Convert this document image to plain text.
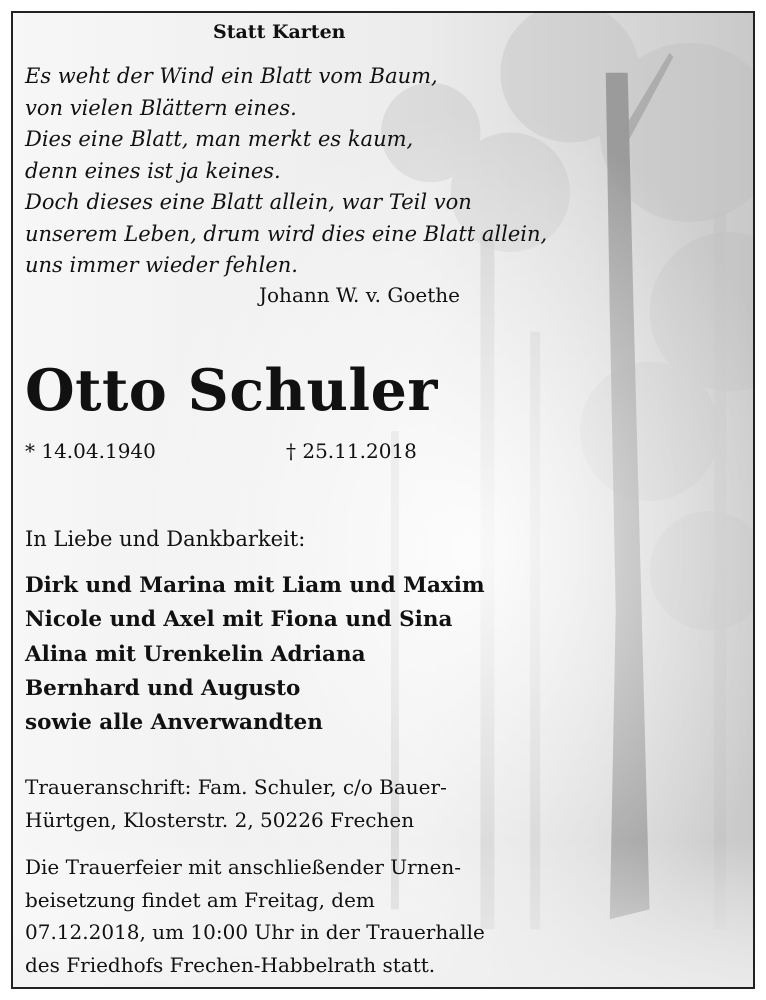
Statt Karten
Es weht der Wind ein Blatt vom Baum,
von vielen Blättern eines.
Dies eine Blatt, man merkt es kaum,
denn eines ist ja keines.
Doch dieses eine Blatt allein, war Teil von
unserem Leben, drum wird dies eine Blatt allein,
uns immer wieder fehlen.
Johann W. v. Goethe
Otto Schuler
* 14.04.1940	† 25.11.2018
In Liebe und Dankbarkeit:
Dirk und Marina mit Liam und Maxim
Nicole und Axel mit Fiona und Sina
Alina mit Urenkelin Adriana
Bernhard und Augusto
sowie alle Anverwandten
Traueranschrift: Fam. Schuler, c/o Bauer-
Hürtgen, Klosterstr. 2, 50226 Frechen
Die Trauerfeier mit anschließender Urnen-
beisetzung findet am Freitag, dem
07.12.2018, um 10:00 Uhr in der Trauerhalle
des Friedhofs Frechen-Habbelrath statt.
